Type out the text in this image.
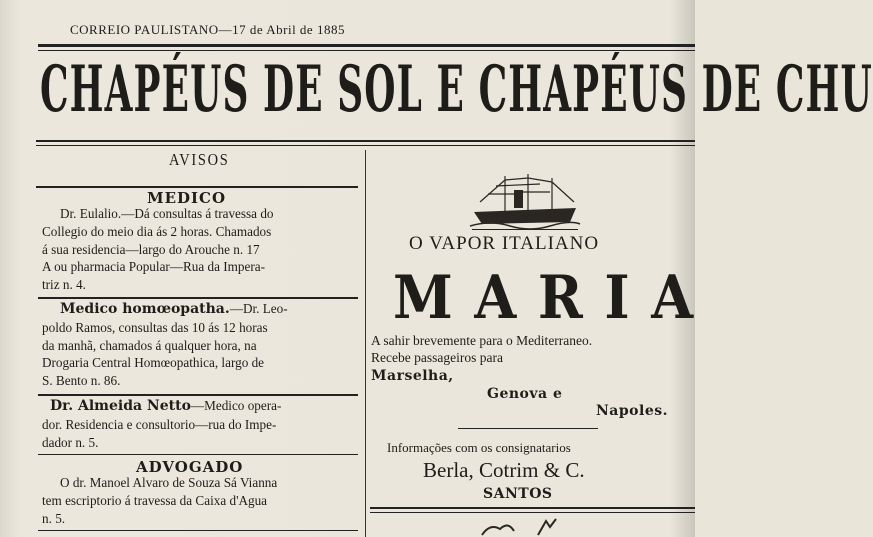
CORREIO PAULISTANO—17 de Abril de 1885
CHAPÉUS DE SOL E CHAPÉUS DE CHU
AVISOS
MEDICO
Dr. Eulalio.—Dá consultas á travessa do
Collegio do meio dia ás 2 horas. Chamados
á sua residencia—largo do Arouche n. 17
A ou pharmacia Popular—Rua da Impera-
triz n. 4.
Medico homœopatha.—Dr. Leo-
poldo Ramos, consultas das 10 ás 12 horas
da manhã, chamados á qualquer hora, na
Drogaria Central Homœopathica, largo de
S. Bento n. 86.
Dr. Almeida Netto—Medico opera-
dor. Residencia e consultorio—rua do Impe-
dador n. 5.
ADVOGADO
O dr. Manoel Alvaro de Souza Sá Vianna
tem escriptorio á travessa da Caixa d'Agua
n. 5.
O VAPOR ITALIANO
MARIA
A sahir brevemente para o Mediterraneo.
Recebe passageiros para
Marselha,
Genova e
Napoles.
Informações com os consignatarios
Berla, Cotrim & C.
SANTOS
